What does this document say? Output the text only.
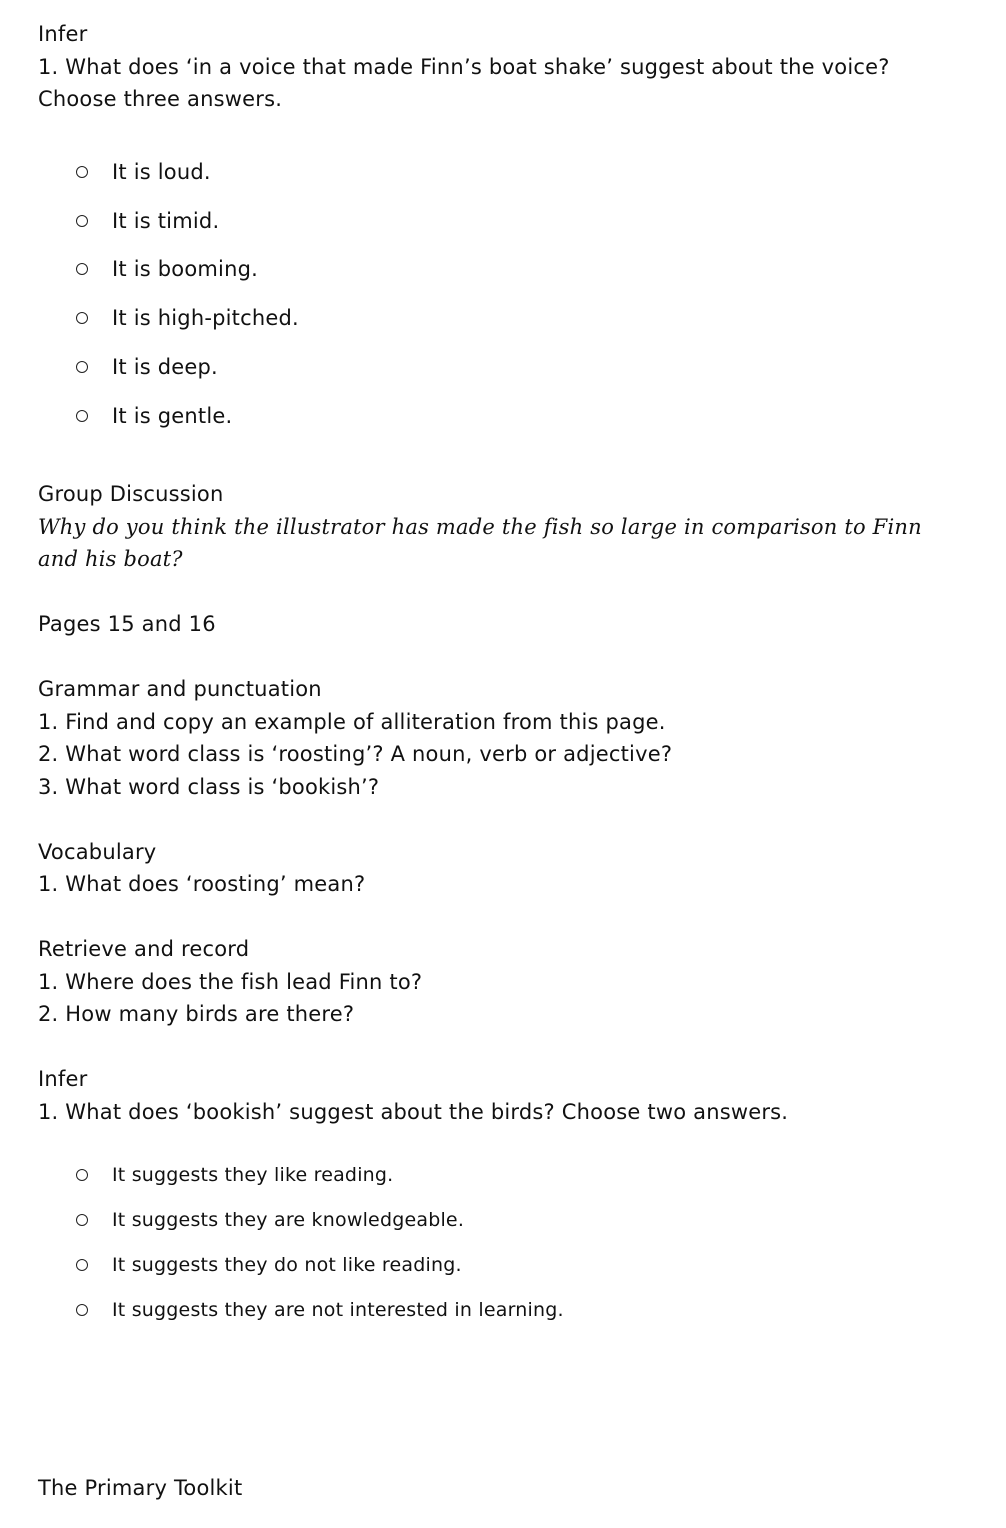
Infer
1. What does ‘in a voice that made Finn’s boat shake’ suggest about the voice? Choose three answers.
It is loud.
It is timid.
It is booming.
It is high-pitched.
It is deep.
It is gentle.
Group Discussion
Why do you think the illustrator has made the fish so large in comparison to Finn and his boat?
Pages 15 and 16
Grammar and punctuation
1. Find and copy an example of alliteration from this page.
2. What word class is ‘roosting’? A noun, verb or adjective?
3. What word class is ‘bookish’?
Vocabulary
1. What does ‘roosting’ mean?
Retrieve and record
1. Where does the fish lead Finn to?
2. How many birds are there?
Infer
1. What does ‘bookish’ suggest about the birds? Choose two answers.
It suggests they like reading.
It suggests they are knowledgeable.
It suggests they do not like reading.
It suggests they are not interested in learning.
The Primary Toolkit
